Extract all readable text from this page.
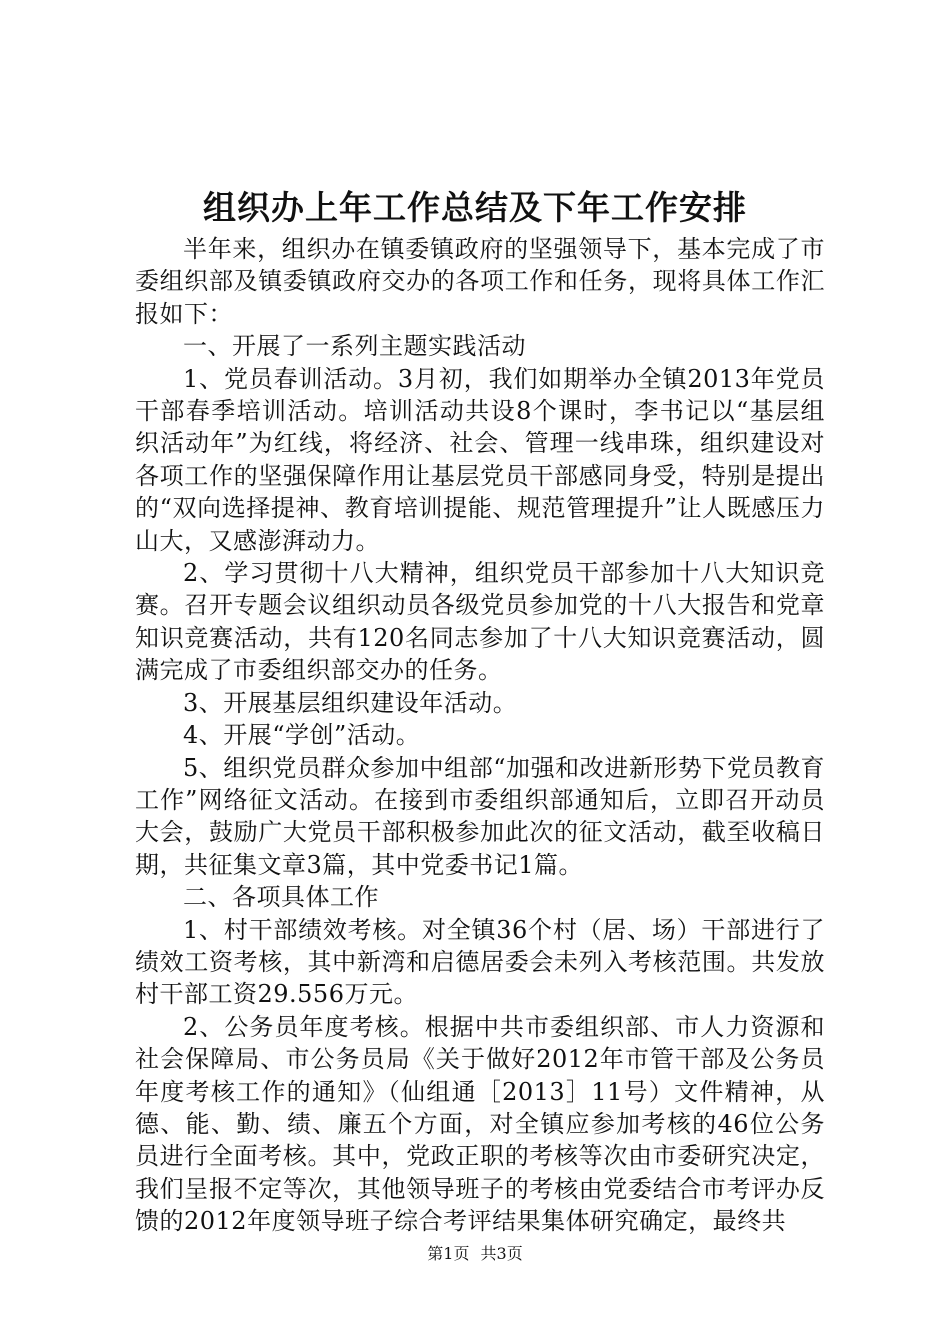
组织办上年工作总结及下年工作安排

半年来，组织办在镇委镇政府的坚强领导下，基本完成了市委组织部及镇委镇政府交办的各项工作和任务，现将具体工作汇报如下：

一、开展了一系列主题实践活动

1、党员春训活动。3月初，我们如期举办全镇2013年党员干部春季培训活动。培训活动共设8个课时，李书记以“基层组织活动年”为红线，将经济、社会、管理一线串珠，组织建设对各项工作的坚强保障作用让基层党员干部感同身受，特别是提出的“双向选择提神、教育培训提能、规范管理提升”让人既感压力山大，又感澎湃动力。

2、学习贯彻十八大精神，组织党员干部参加十八大知识竞赛。召开专题会议组织动员各级党员参加党的十八大报告和党章知识竞赛活动，共有120名同志参加了十八大知识竞赛活动，圆满完成了市委组织部交办的任务。

3、开展基层组织建设年活动。

4、开展“学创”活动。

5、组织党员群众参加中组部“加强和改进新形势下党员教育工作”网络征文活动。在接到市委组织部通知后，立即召开动员大会，鼓励广大党员干部积极参加此次的征文活动，截至收稿日期，共征集文章3篇，其中党委书记1篇。

二、各项具体工作

1、村干部绩效考核。对全镇36个村（居、场）干部进行了绩效工资考核，其中新湾和启德居委会未列入考核范围。共发放村干部工资29.556万元。

2、公务员年度考核。根据中共市委组织部、市人力资源和社会保障局、市公务员局《关于做好2012年市管干部及公务员年度考核工作的通知》（仙组通［2013］11号）文件精神，从德、能、勤、绩、廉五个方面，对全镇应参加考核的46位公务员进行全面考核。其中，党政正职的考核等次由市委研究决定，我们呈报不定等次，其他领导班子的考核由党委结合市考评办反馈的2012年度领导班子综合考评结果集体研究确定，最终共

第1页 共3页
